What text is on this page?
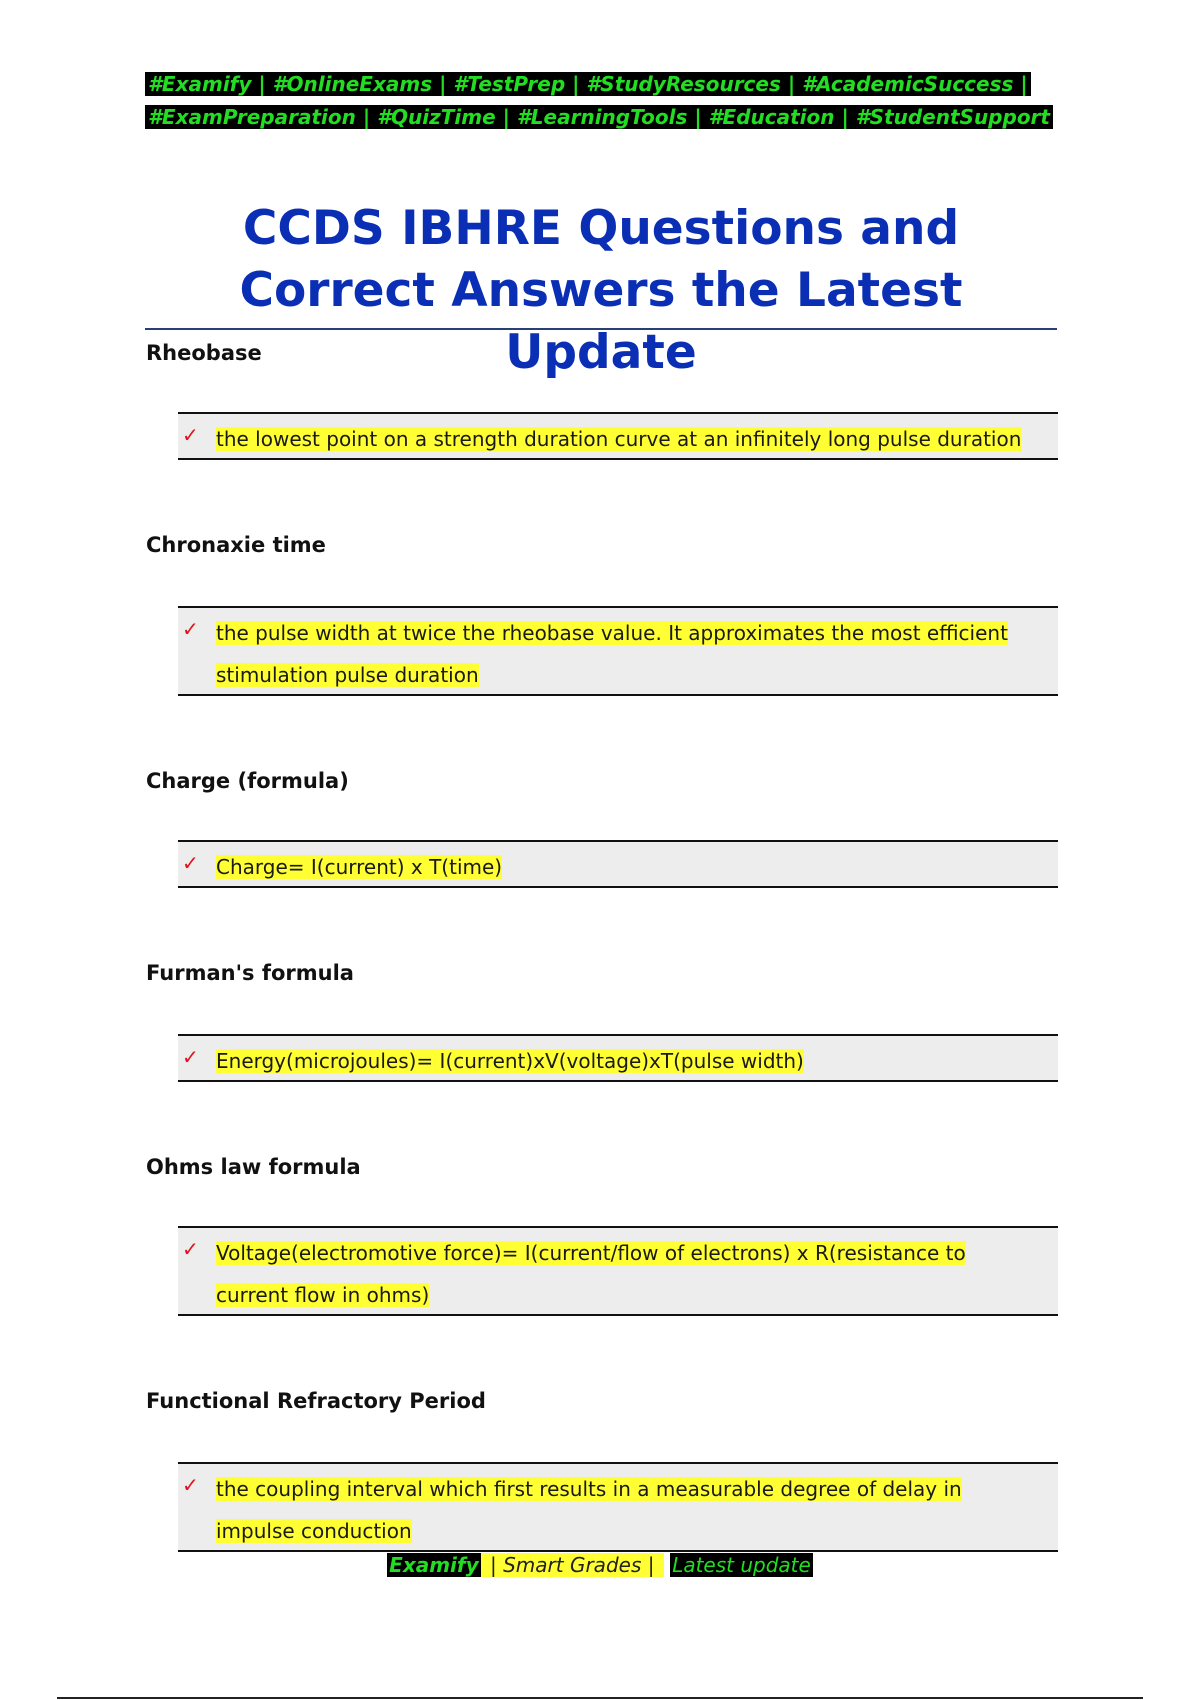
#Examify | #OnlineExams | #TestPrep | #StudyResources | #AcademicSuccess |
#ExamPreparation | #QuizTime | #LearningTools | #Education | #StudentSupport
CCDS IBHRE Questions and
Correct Answers the Latest Update

Rheobase

✓ the lowest point on a strength duration curve at an infinitely long pulse duration

Chronaxie time

✓ the pulse width at twice the rheobase value. It approximates the most efficient stimulation pulse duration

Charge (formula)

✓ Charge= I(current) x T(time)

Furman's formula

✓ Energy(microjoules)= I(current)xV(voltage)xT(pulse width)

Ohms law formula

✓ Voltage(electromotive force)= I(current/flow of electrons) x R(resistance to current flow in ohms)

Functional Refractory Period

✓ the coupling interval which first results in a measurable degree of delay in impulse conduction
Examify | Smart Grades |  Latest update
